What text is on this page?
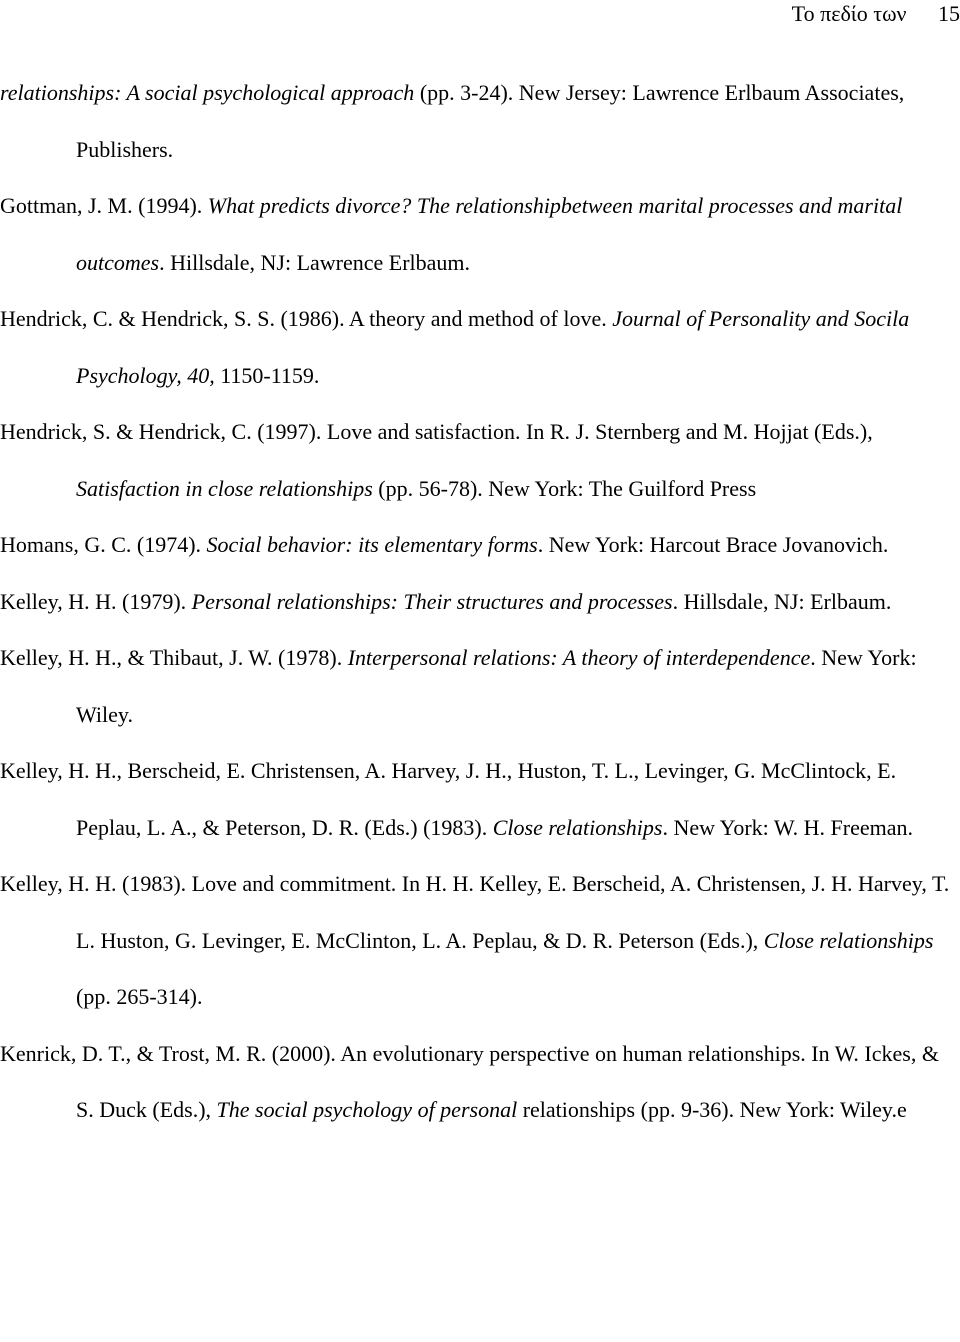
Το πεδίο των 15
relationships: A social psychological approach (pp. 3-24). New Jersey: Lawrence Erlbaum Associates, Publishers.
Gottman, J. M. (1994). What predicts divorce? The relationshipbetween marital processes and marital outcomes. Hillsdale, NJ: Lawrence Erlbaum.
Hendrick, C. & Hendrick, S. S. (1986). A theory and method of love. Journal of Personality and Socila Psychology, 40, 1150-1159.
Hendrick, S. & Hendrick, C. (1997). Love and satisfaction. In R. J. Sternberg and M. Hojjat (Eds.), Satisfaction in close relationships (pp. 56-78). New York: The Guilford Press
Homans, G. C. (1974). Social behavior: its elementary forms. New York: Harcout Brace Jovanovich.
Kelley, H. H. (1979). Personal relationships: Their structures and processes. Hillsdale, NJ: Erlbaum.
Kelley, H. H., & Thibaut, J. W. (1978). Interpersonal relations: A theory of interdependence. New York: Wiley.
Kelley, H. H., Berscheid, E. Christensen, A. Harvey, J. H., Huston, T. L., Levinger, G. McClintock, E. Peplau, L. A., & Peterson, D. R. (Eds.) (1983). Close relationships. New York: W. H. Freeman.
Kelley, H. H. (1983). Love and commitment. In H. H. Kelley, E. Berscheid, A. Christensen, J. H. Harvey, T. L. Huston, G. Levinger, E. McClinton, L. A. Peplau, & D. R. Peterson (Eds.), Close relationships (pp. 265-314).
Kenrick, D. T., & Trost, M. R. (2000). An evolutionary perspective on human relationships. In W. Ickes, & S. Duck (Eds.), The social psychology of personal relationships (pp. 9-36). New York: Wiley.e
